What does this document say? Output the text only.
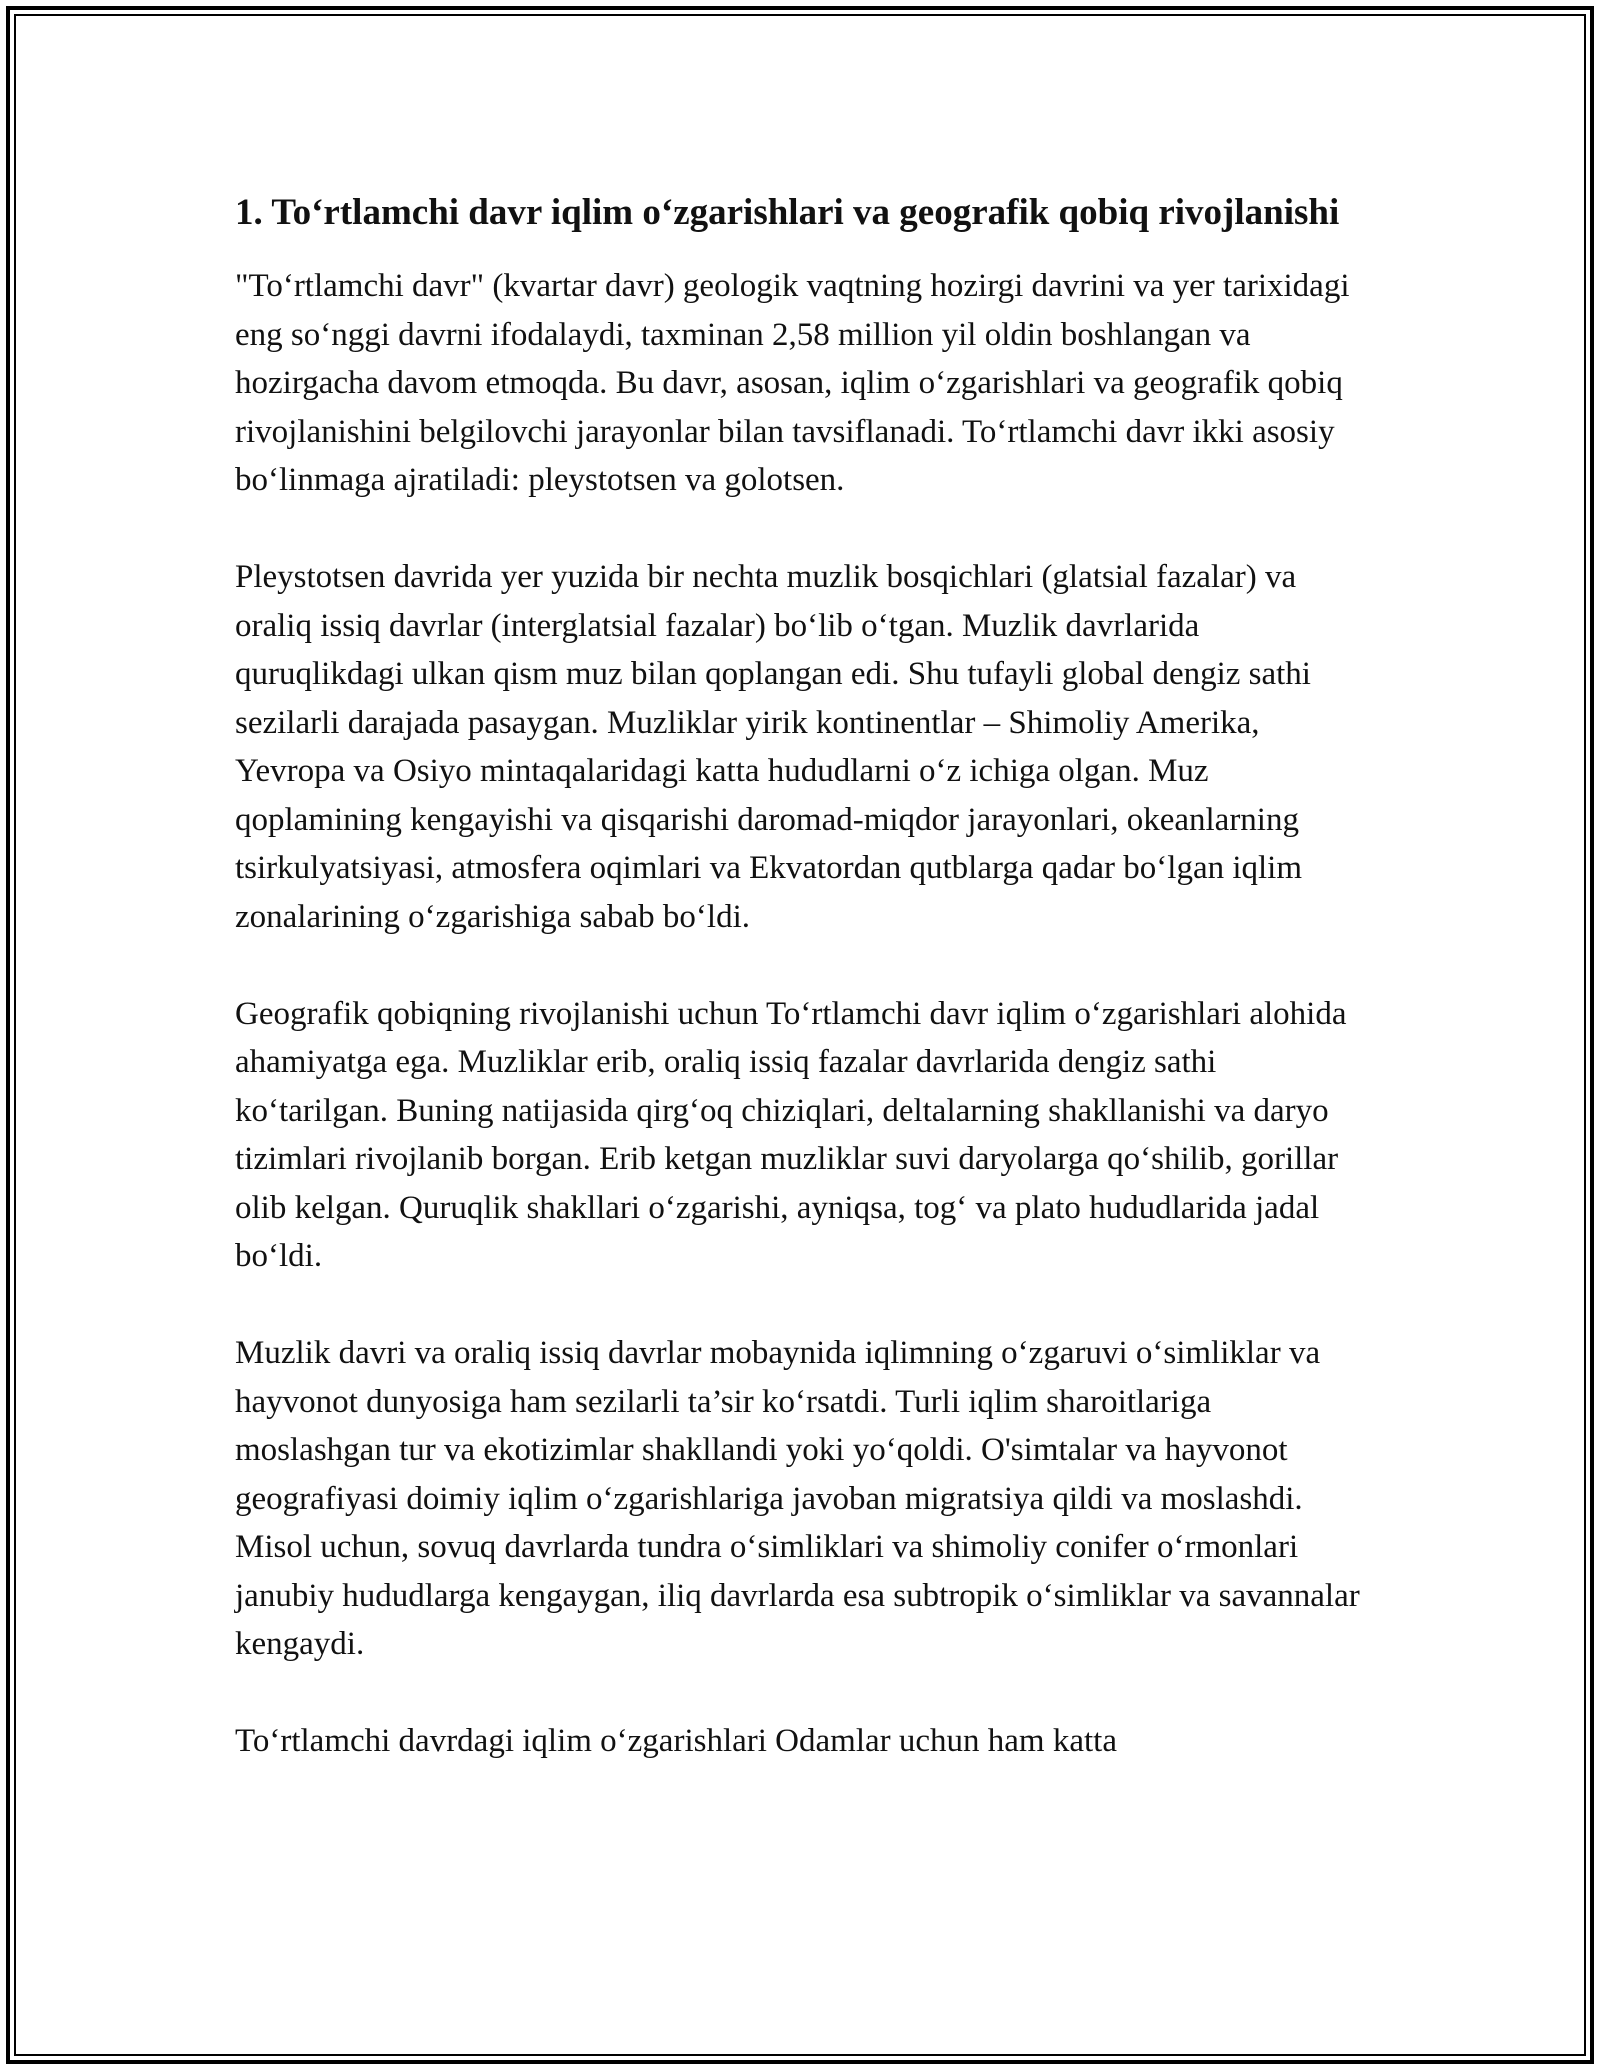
1. To‘rtlamchi davr iqlim o‘zgarishlari va geografik qobiq rivojlanishi

"To‘rtlamchi davr" (kvartar davr) geologik vaqtning hozirgi davrini va yer tarixidagi eng so‘nggi davrni ifodalaydi, taxminan 2,58 million yil oldin boshlangan va hozirgacha davom etmoqda. Bu davr, asosan, iqlim o‘zgarishlari va geografik qobiq rivojlanishini belgilovchi jarayonlar bilan tavsiflanadi. To‘rtlamchi davr ikki asosiy bo‘linmaga ajratiladi: pleystotsen va golotsen.

Pleystotsen davrida yer yuzida bir nechta muzlik bosqichlari (glatsial fazalar) va oraliq issiq davrlar (interglatsial fazalar) bo‘lib o‘tgan. Muzlik davrlarida quruqlikdagi ulkan qism muz bilan qoplangan edi. Shu tufayli global dengiz sathi sezilarli darajada pasaygan. Muzliklar yirik kontinentlar – Shimoliy Amerika, Yevropa va Osiyo mintaqalaridagi katta hududlarni o‘z ichiga olgan. Muz qoplamining kengayishi va qisqarishi daromad-miqdor jarayonlari, okeanlarning tsirkulyatsiyasi, atmosfera oqimlari va Ekvatordan qutblarga qadar bo‘lgan iqlim zonalarining o‘zgarishiga sabab bo‘ldi.

Geografik qobiqning rivojlanishi uchun To‘rtlamchi davr iqlim o‘zgarishlari alohida ahamiyatga ega. Muzliklar erib, oraliq issiq fazalar davrlarida dengiz sathi ko‘tarilgan. Buning natijasida qirg‘oq chiziqlari, deltalarning shakllanishi va daryo tizimlari rivojlanib borgan. Erib ketgan muzliklar suvi daryolarga qo‘shilib, gorillar olib kelgan. Quruqlik shakllari o‘zgarishi, ayniqsa, tog‘ va plato hududlarida jadal bo‘ldi.

Muzlik davri va oraliq issiq davrlar mobaynida iqlimning o‘zgaruvi o‘simliklar va hayvonot dunyosiga ham sezilarli ta’sir ko‘rsatdi. Turli iqlim sharoitlariga moslashgan tur va ekotizimlar shakllandi yoki yo‘qoldi. O'simtalar va hayvonot geografiyasi doimiy iqlim o‘zgarishlariga javoban migratsiya qildi va moslashdi. Misol uchun, sovuq davrlarda tundra o‘simliklari va shimoliy conifer o‘rmonlari janubiy hududlarga kengaygan, iliq davrlarda esa subtropik o‘simliklar va savannalar kengaydi.

To‘rtlamchi davrdagi iqlim o‘zgarishlari Odamlar uchun ham katta
